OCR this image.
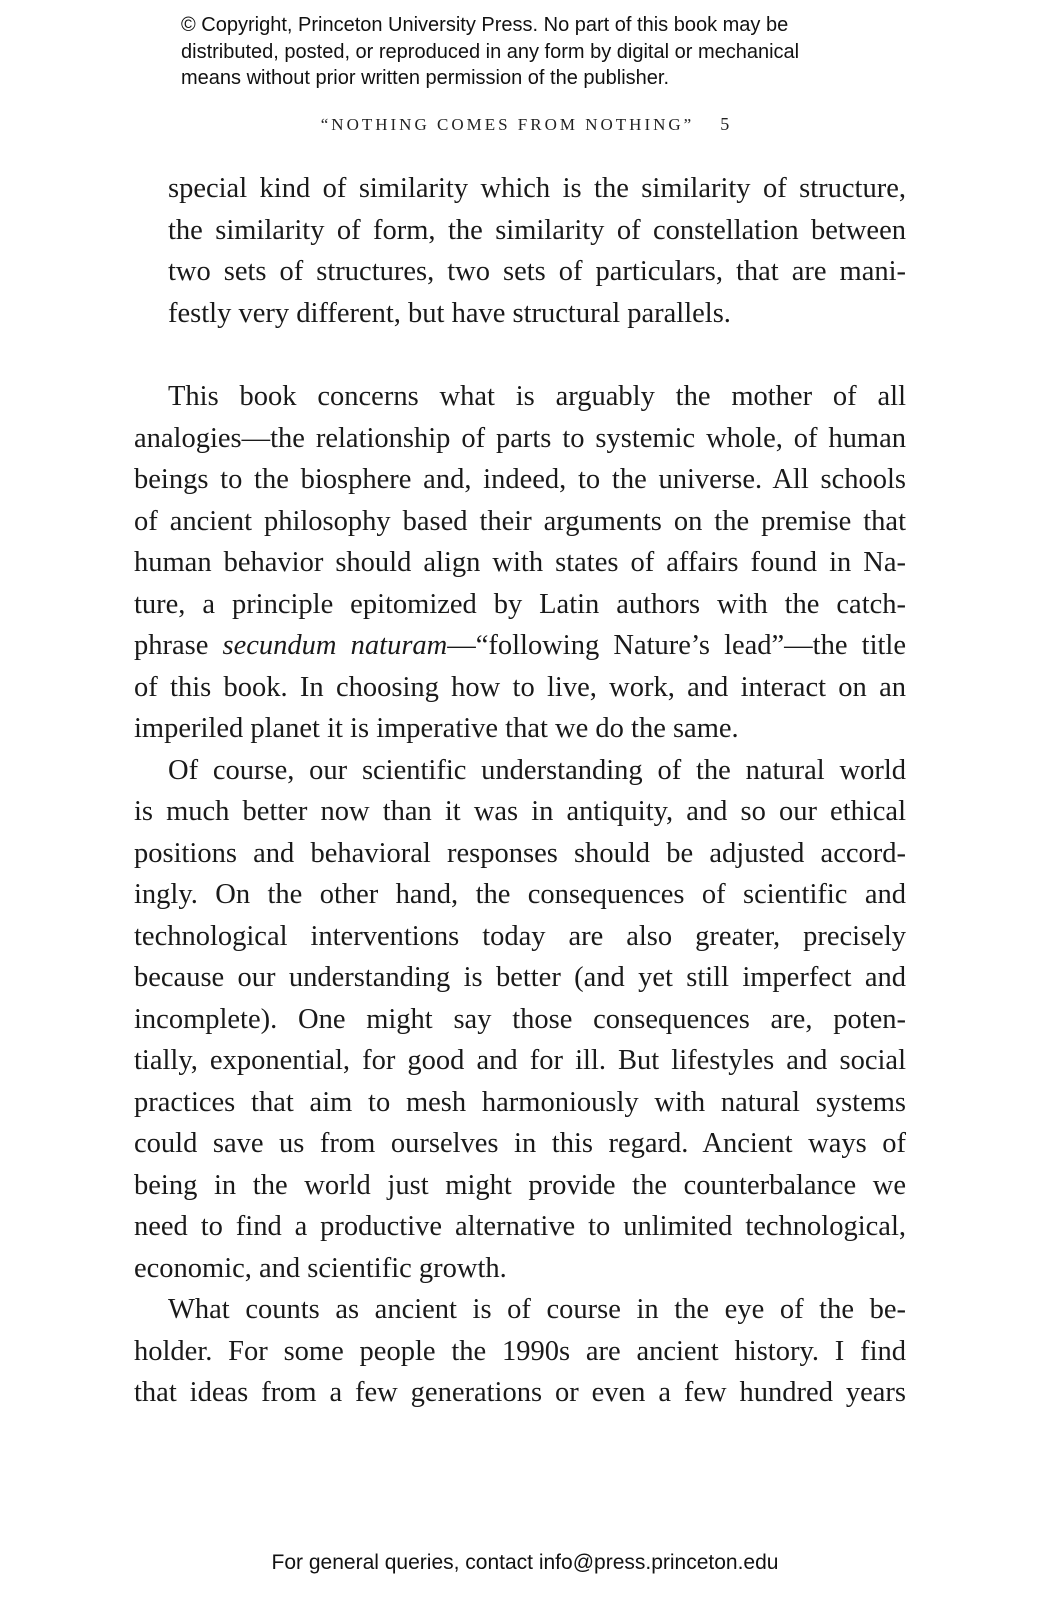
© Copyright, Princeton University Press. No part of this book may be
distributed, posted, or reproduced in any form by digital or mechanical
means without prior written permission of the publisher.
“NOTHING COMES FROM NOTHING” 5
special kind of similarity which is the similarity of structure,
the similarity of form, the similarity of constellation between
two sets of structures, two sets of particulars, that are mani-
festly very different, but have structural parallels.
This book concerns what is arguably the mother of all
analogies—the relationship of parts to systemic whole, of human
beings to the biosphere and, indeed, to the universe. All schools
of ancient philosophy based their arguments on the premise that
human behavior should align with states of affairs found in Na-
ture, a principle epitomized by Latin authors with the catch-
phrase secundum naturam—“following Nature’s lead”—the title
of this book. In choosing how to live, work, and interact on an
imperiled planet it is imperative that we do the same.
Of course, our scientific understanding of the natural world
is much better now than it was in antiquity, and so our ethical
positions and behavioral responses should be adjusted accord-
ingly. On the other hand, the consequences of scientific and
technological interventions today are also greater, precisely
because our understanding is better (and yet still imperfect and
incomplete). One might say those consequences are, poten-
tially, exponential, for good and for ill. But lifestyles and social
practices that aim to mesh harmoniously with natural systems
could save us from ourselves in this regard. Ancient ways of
being in the world just might provide the counterbalance we
need to find a productive alternative to unlimited technological,
economic, and scientific growth.
What counts as ancient is of course in the eye of the be-
holder. For some people the 1990s are ancient history. I find
that ideas from a few generations or even a few hundred years
For general queries, contact info@press.princeton.edu
